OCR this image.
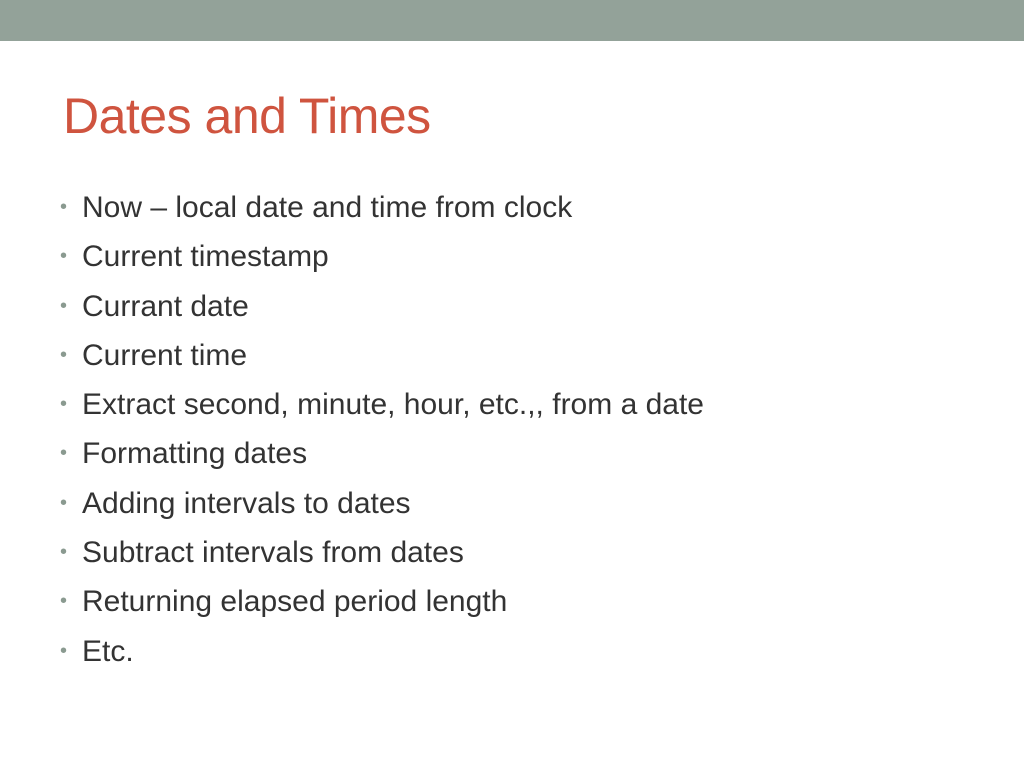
Dates and Times
• Now – local date and time from clock
• Current timestamp
• Currant date
• Current time
• Extract second, minute, hour, etc.,, from a date
• Formatting dates
• Adding intervals to dates
• Subtract intervals from dates
• Returning elapsed period length
• Etc.
